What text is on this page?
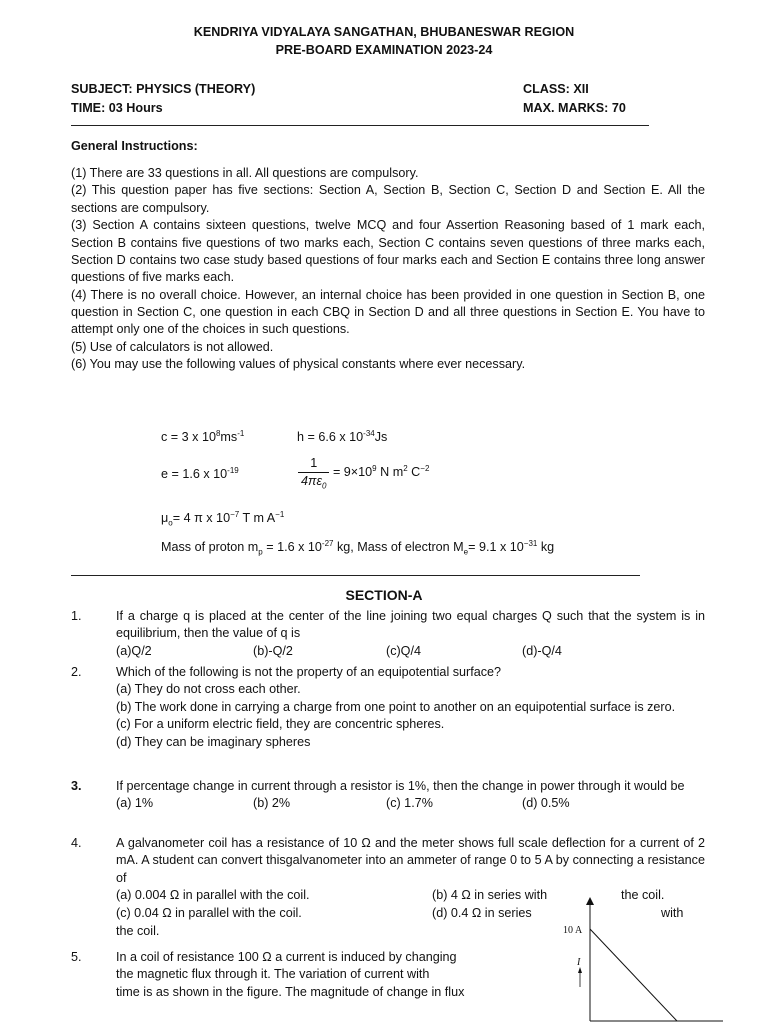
KENDRIYA VIDYALAYA SANGATHAN, BHUBANESWAR REGION
PRE-BOARD EXAMINATION 2023-24
SUBJECT: PHYSICS (THEORY)	CLASS: XII
TIME: 03 Hours	MAX. MARKS: 70
General Instructions:

(1) There are 33 questions in all. All questions are compulsory.

(2) This question paper has five sections: Section A, Section B, Section C, Section D and Section E. All the sections are compulsory.

(3) Section A contains sixteen questions, twelve MCQ and four Assertion Reasoning based of 1 mark each, Section B contains five questions of two marks each, Section C contains seven questions of three marks each, Section D contains two case study based questions of four marks each and Section E contains three long answer questions of five marks each.

(4) There is no overall choice. However, an internal choice has been provided in one question in Section B, one question in Section C, one question in each CBQ in Section D and all three questions in Section E. You have to attempt only one of the choices in such questions.

(5) Use of calculators is not allowed.

(6) You may use the following values of physical constants where ever necessary.

c = 3 x $10^8ms^{-1}$	h = 6.6 x $10^{-34}Js$
e = 1.6 x $10^{-19}$	$\frac{1}{4\pi\varepsilon_0} = 9\times 10^9$ N $m^2$ $C^{-2}$
$\mu_o= 4$ π x $10^{-7}$ T m $A^{-1}$
Mass of proton $m_p = 1.6$ x $10^{-27}$ kg, Mass of electron $M_e= 9.1$ x $10^{-31}$ kg
SECTION-A
1.	If a charge q is placed at the center of the line joining two equal charges Q such that the system is in equilibrium, then the value of q is

(a)Q/2	(b)-Q/2	(c)Q/4	(d)-Q/4
2.	Which of the following is not the property of an equipotential surface?

(a) They do not cross each other.

(b) The work done in carrying a charge from one point to another on an equipotential surface is zero.

(c) For a uniform electric field, they are concentric spheres.

(d) They can be imaginary spheres

3.	If percentage change in current through a resistor is 1%, then the change in power through it would be

(a) 1%	(b) 2%	(c) 1.7%	(d) 0.5%
4.	A galvanometer coil has a resistance of 10 Ω and the meter shows full scale deflection for a current of 2 mA. A student can convert thisgalvanometer into an ammeter of range 0 to 5 A by connecting a resistance of

(a) 0.004 Ω in parallel with the coil.	(b) 4 Ω in series with	the coil.
(c) 0.04 Ω in parallel with the coil.	(d) 0.4 Ω in series	with

the coil.

5.	In a coil of resistance 100 Ω a current is induced by changing

the magnetic flux through it. The variation of current with

time is as shown in the figure. The magnitude of change in flux

10 A
I
